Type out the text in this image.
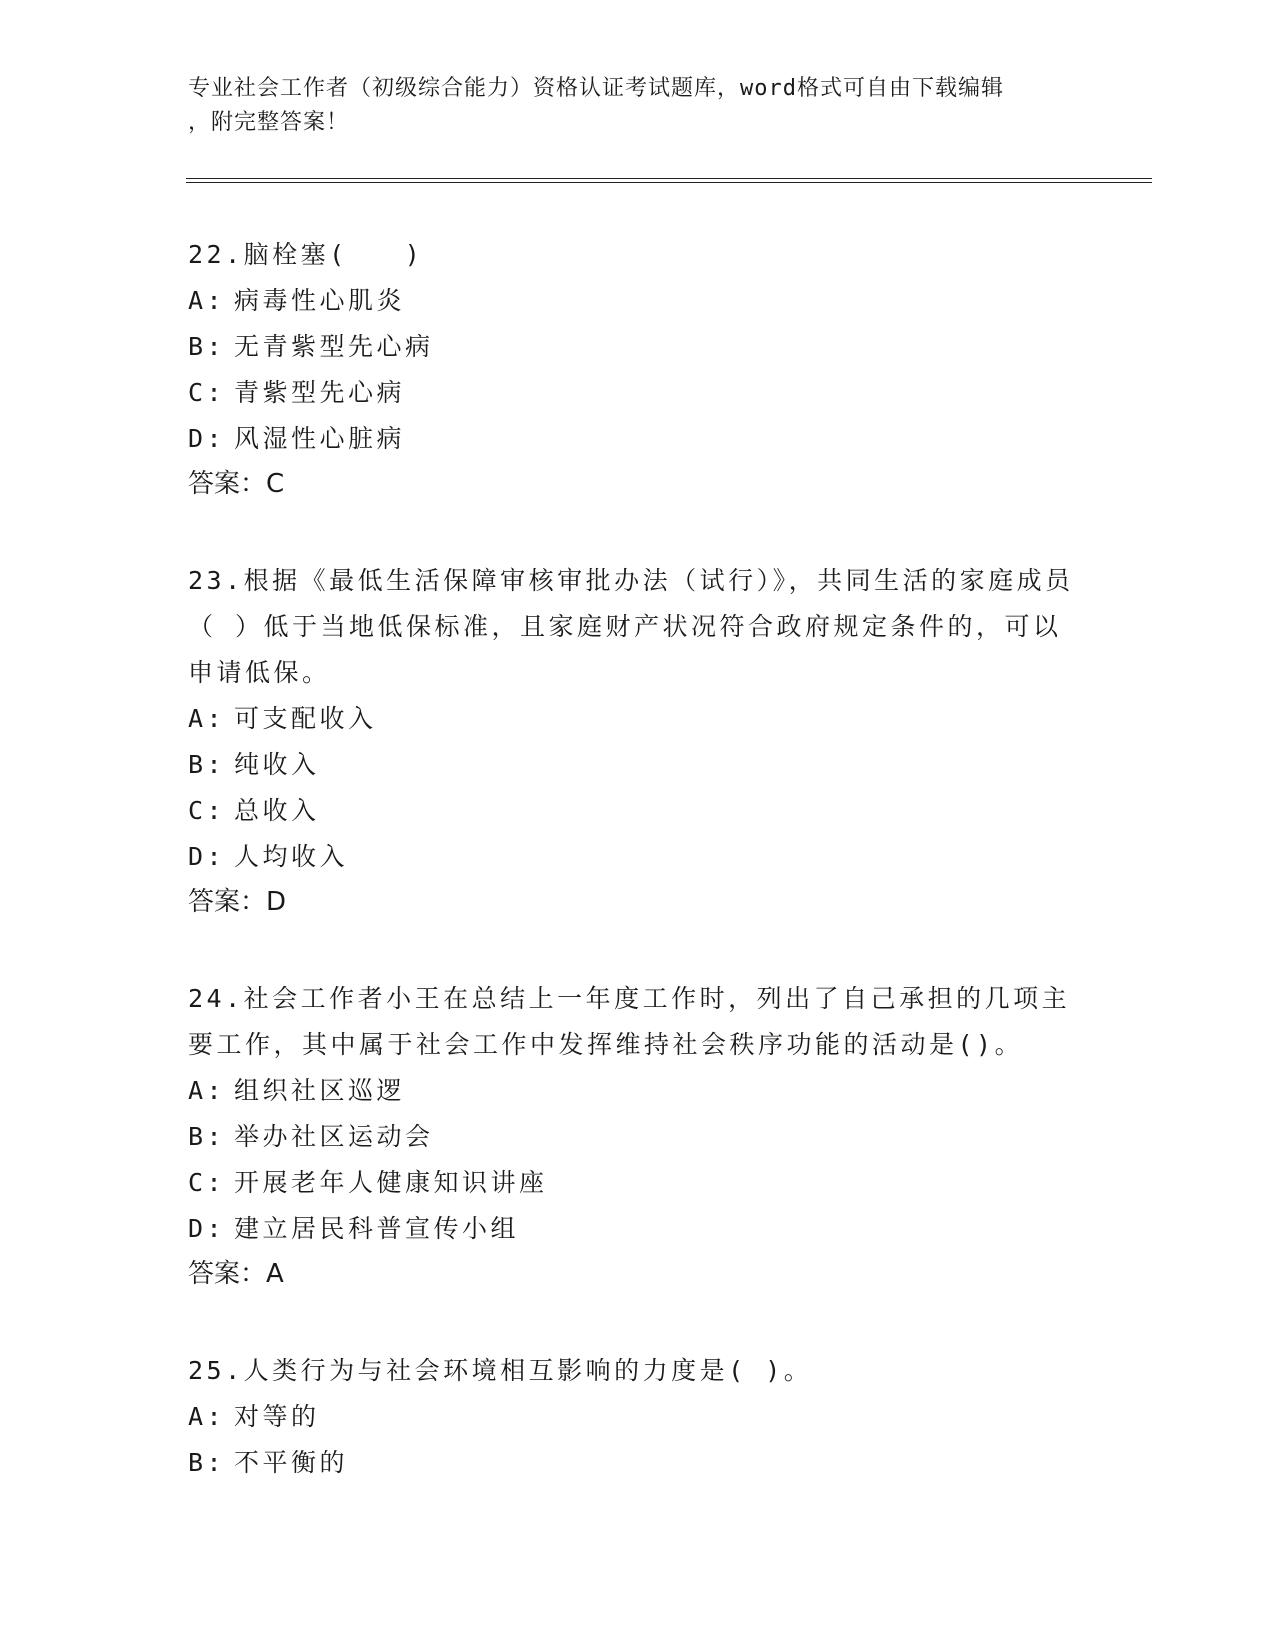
专业社会工作者（初级综合能力）资格认证考试题库，word格式可自由下载编辑
，附完整答案！
22.脑栓塞(　　)
A: 病毒性心肌炎
B: 无青紫型先心病
C: 青紫型先心病
D: 风湿性心脏病
答案：C
23.根据《最低生活保障审核审批办法（试行）》，共同生活的家庭成员（ ）低于当地低保标准，且家庭财产状况符合政府规定条件的，可以申请低保。
A: 可支配收入
B: 纯收入
C: 总收入
D: 人均收入
答案：D
24.社会工作者小王在总结上一年度工作时，列出了自己承担的几项主要工作，其中属于社会工作中发挥维持社会秩序功能的活动是()。
A: 组织社区巡逻
B: 举办社区运动会
C: 开展老年人健康知识讲座
D: 建立居民科普宣传小组
答案：A
25.人类行为与社会环境相互影响的力度是( )。
A: 对等的
B: 不平衡的
